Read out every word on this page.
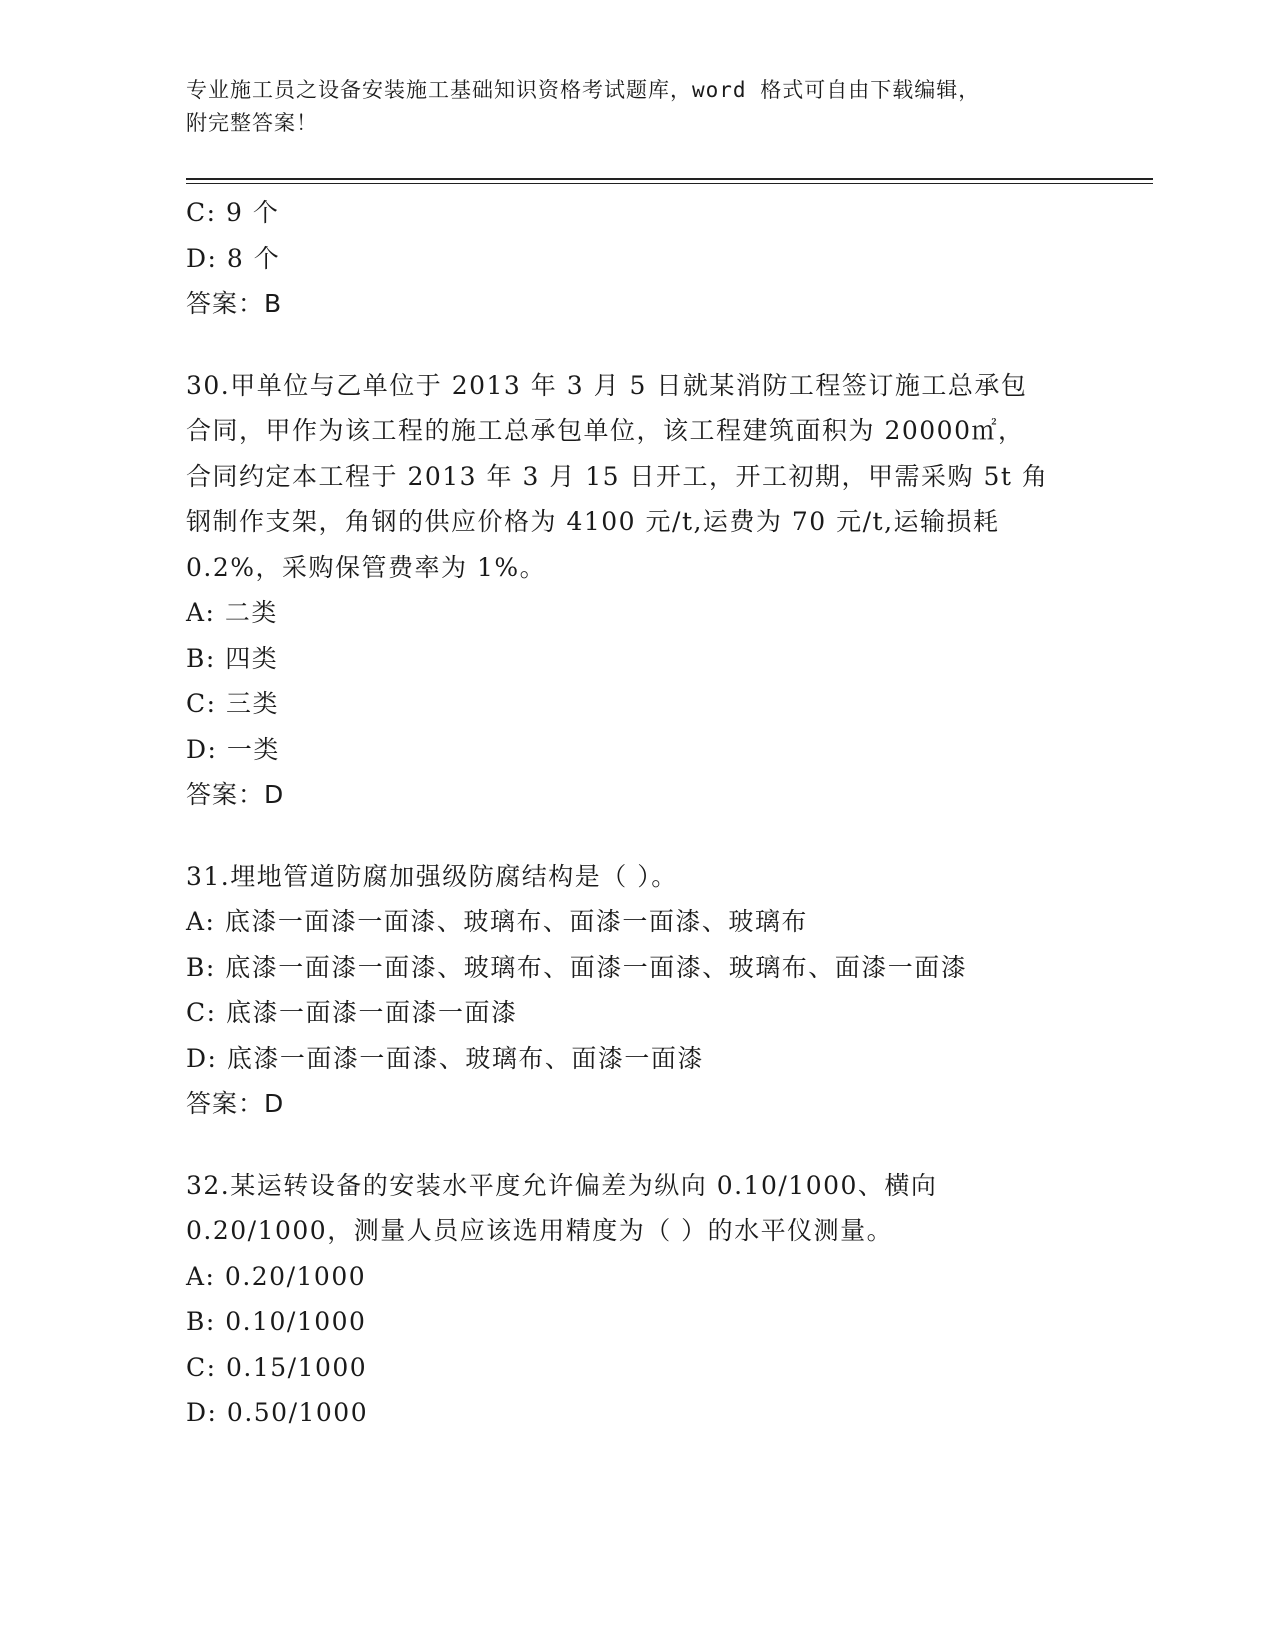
专业施工员之设备安装施工基础知识资格考试题库，word 格式可自由下载编辑，
附完整答案！
C: 9 个
D: 8 个
答案：B
30.甲单位与乙单位于 2013 年 3 月 5 日就某消防工程签订施工总承包
合同，甲作为该工程的施工总承包单位，该工程建筑面积为 20000㎡，
合同约定本工程于 2013 年 3 月 15 日开工，开工初期，甲需采购 5t 角
钢制作支架，角钢的供应价格为 4100 元/t,运费为 70 元/t,运输损耗
0.2%，采购保管费率为 1%。
A: 二类
B: 四类
C: 三类
D: 一类
答案：D
31.埋地管道防腐加强级防腐结构是（ ）。
A: 底漆一面漆一面漆、玻璃布、面漆一面漆、玻璃布
B: 底漆一面漆一面漆、玻璃布、面漆一面漆、玻璃布、面漆一面漆
C: 底漆一面漆一面漆一面漆
D: 底漆一面漆一面漆、玻璃布、面漆一面漆
答案：D
32.某运转设备的安装水平度允许偏差为纵向 0.10/1000、横向
0.20/1000，测量人员应该选用精度为（ ）的水平仪测量。
A: 0.20/1000
B: 0.10/1000
C: 0.15/1000
D: 0.50/1000
